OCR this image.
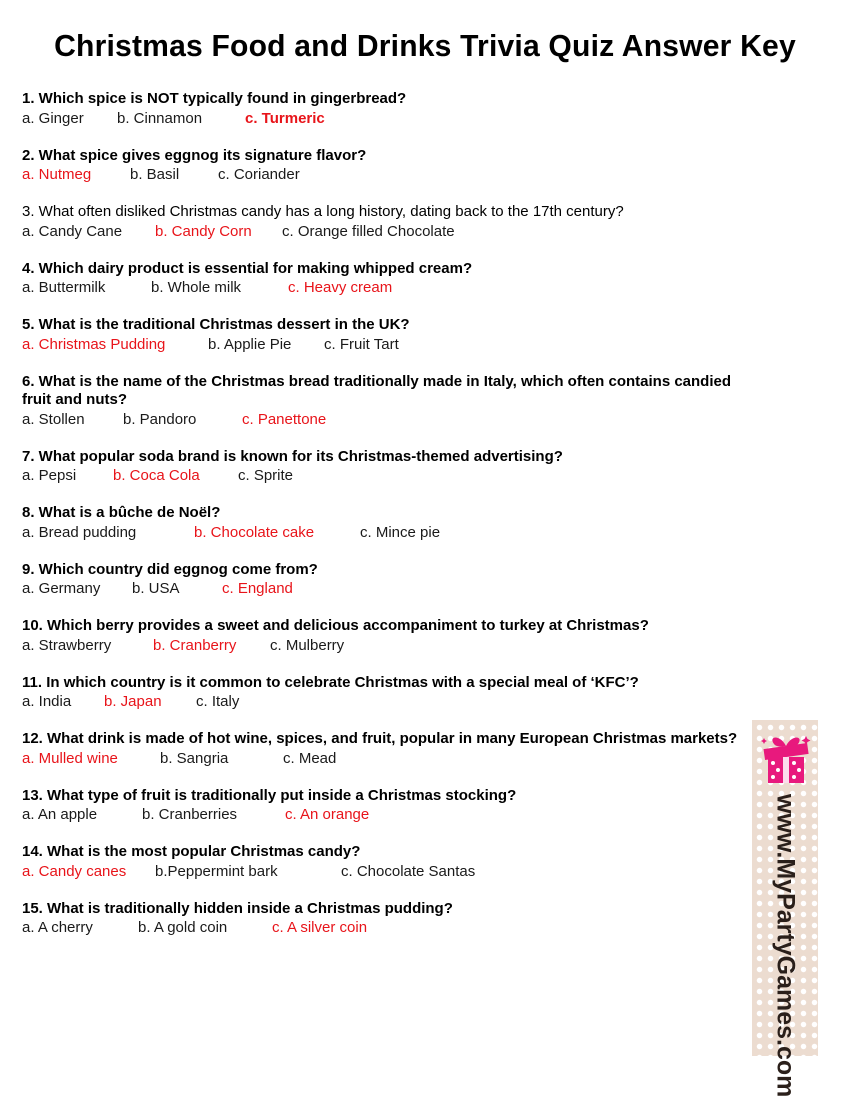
Christmas Food and Drinks Trivia Quiz Answer Key
1. Which spice is NOT typically found in gingerbread?
a. Ginger b. Cinnamon	c. Turmeric
2. What spice gives eggnog its signature flavor?
a. Nutmeg	b. Basil	c. Coriander
3. What often disliked Christmas candy has a long history, dating back to the 17th century?
a. Candy Cane b. Candy Corn c. Orange filled Chocolate
4. Which dairy product is essential for making whipped cream?
a. Buttermilk	b. Whole milk	c. Heavy cream
5. What is the traditional Christmas dessert in the UK?
a. Christmas Pudding	b. Applie Pie c. Fruit Tart
6. What is the name of the Christmas bread traditionally made in Italy, which often contains candied fruit and nuts?
a. Stollen	b. Pandoro	c. Panettone
7. What popular soda brand is known for its Christmas-themed advertising?
a. Pepsi b. Coca Cola	c. Sprite
8. What is a bûche de Noël?
a. Bread pudding	b. Chocolate cake	c. Mince pie
9. Which country did eggnog come from?
a. Germany b. USA	c. England
10. Which berry provides a sweet and delicious accompaniment to turkey at Christmas?
a. Strawberry	b. Cranberry c. Mulberry
11. In which country is it common to celebrate Christmas with a special meal of ‘KFC’?
a. India b. Japan c. Italy
12. What drink is made of hot wine, spices, and fruit, popular in many European Christmas markets?
a. Mulled wine	b. Sangria	c. Mead
13. What type of fruit is traditionally put inside a Christmas stocking?
a. An apple	b. Cranberries	c. An orange
14. What is the most popular Christmas candy?
a. Candy canes b.Peppermint bark	c. Chocolate Santas
15. What is traditionally hidden inside a Christmas pudding?
a. A cherry	b. A gold coin	c. A silver coin	www.MyPartyGames.com
